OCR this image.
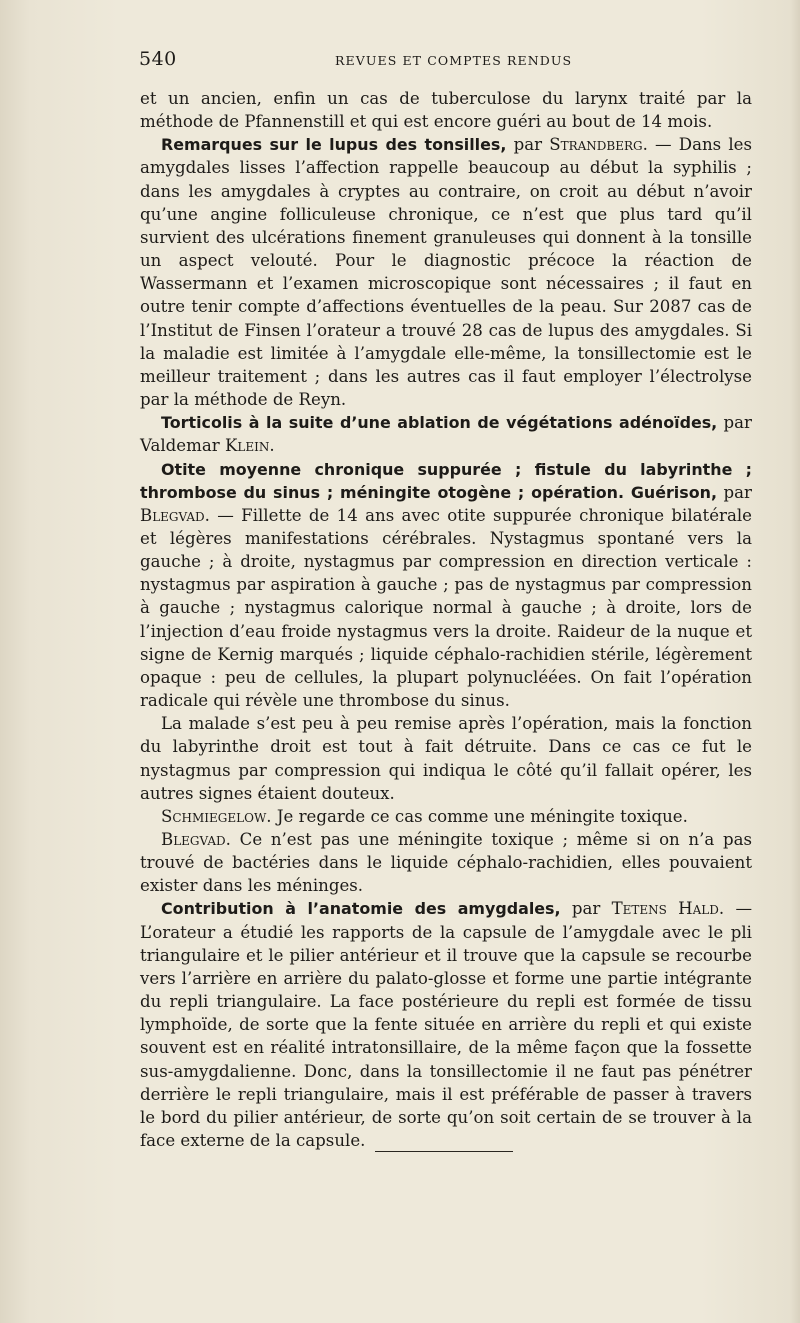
540	REVUES ET COMPTES RENDUS

et un ancien, enfin un cas de tuberculose du larynx traité par la méthode de Pfannenstill et qui est encore guéri au bout de 14 mois.

Remarques sur le lupus des tonsilles, par Strandberg. — Dans les amygdales lisses l’affection rappelle beaucoup au début la syphilis ; dans les amygdales à cryptes au contraire, on croit au début n’avoir qu’une angine folliculeuse chronique, ce n’est que plus tard qu’il survient des ulcérations finement granuleuses qui donnent à la tonsille un aspect velouté. Pour le diagnostic précoce la réaction de Wassermann et l’examen microscopique sont nécessaires ; il faut en outre tenir compte d’affections éventuelles de la peau. Sur 2087 cas de l’Institut de Finsen l’orateur a trouvé 28 cas de lupus des amygdales. Si la maladie est limitée à l’amygdale elle-même, la tonsillectomie est le meilleur traitement ; dans les autres cas il faut employer l’électrolyse par la méthode de Reyn.

Torticolis à la suite d’une ablation de végétations adénoïdes, par Valdemar Klein.

Otite moyenne chronique suppurée ; fistule du labyrinthe ; thrombose du sinus ; méningite otogène ; opération. Guérison, par Blegvad. — Fillette de 14 ans avec otite suppurée chronique bilatérale et légères manifestations cérébrales. Nystagmus spontané vers la gauche ; à droite, nystagmus par compression en direction verticale : nystagmus par aspiration à gauche ; pas de nystagmus par compression à gauche ; nystagmus calorique normal à gauche ; à droite, lors de l’injection d’eau froide nystagmus vers la droite. Raideur de la nuque et signe de Kernig marqués ; liquide céphalo-rachidien stérile, légèrement opaque : peu de cellules, la plupart polynucléées. On fait l’opération radicale qui révèle une thrombose du sinus.

La malade s’est peu à peu remise après l’opération, mais la fonction du labyrinthe droit est tout à fait détruite. Dans ce cas ce fut le nystagmus par compression qui indiqua le côté qu’il fallait opérer, les autres signes étaient douteux.

Schmiegelow. Je regarde ce cas comme une méningite toxique.

Blegvad. Ce n’est pas une méningite toxique ; même si on n’a pas trouvé de bactéries dans le liquide céphalo-rachidien, elles pouvaient exister dans les méninges.

Contribution à l’anatomie des amygdales, par Tetens Hald. — L’orateur a étudié les rapports de la capsule de l’amygdale avec le pli triangulaire et le pilier antérieur et il trouve que la capsule se recourbe vers l’arrière en arrière du palato-glosse et forme une partie intégrante du repli triangulaire. La face postérieure du repli est formée de tissu lymphoïde, de sorte que la fente située en arrière du repli et qui existe souvent est en réalité intratonsillaire, de la même façon que la fossette sus-amygdalienne. Donc, dans la tonsillectomie il ne faut pas pénétrer derrière le repli triangulaire, mais il est préférable de passer à travers le bord du pilier antérieur, de sorte qu’on soit certain de se trouver à la face externe de la capsule.
